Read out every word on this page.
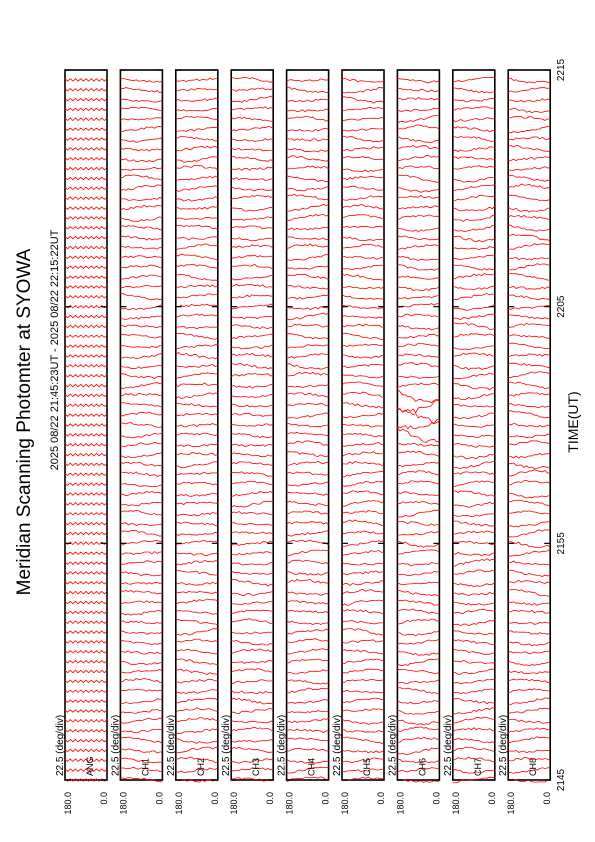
Meridian Scanning Photomter at SYOWA 2025 08/22 21:45:23UT - 2025 08/22 22:15:22UT
180.0	0.0
ANG
22.5 (deg/div)
180.0	0.0
CH1
22.5 (deg/div)
180.0	0.0
CH2
22.5 (deg/div)
180.0	0.0
CH3
22.5 (deg/div)
180.0	0.0
CH4
22.5 (deg/div)
180.0	0.0
CH5
22.5 (deg/div)
180.0	0.0
CH6
22.5 (deg/div)
180.0	0.0
CH7
22.5 (deg/div)
180.0	0.0
CH8
22.5 (deg/div)
2145
2155
2205
2215
TIME(UT)
